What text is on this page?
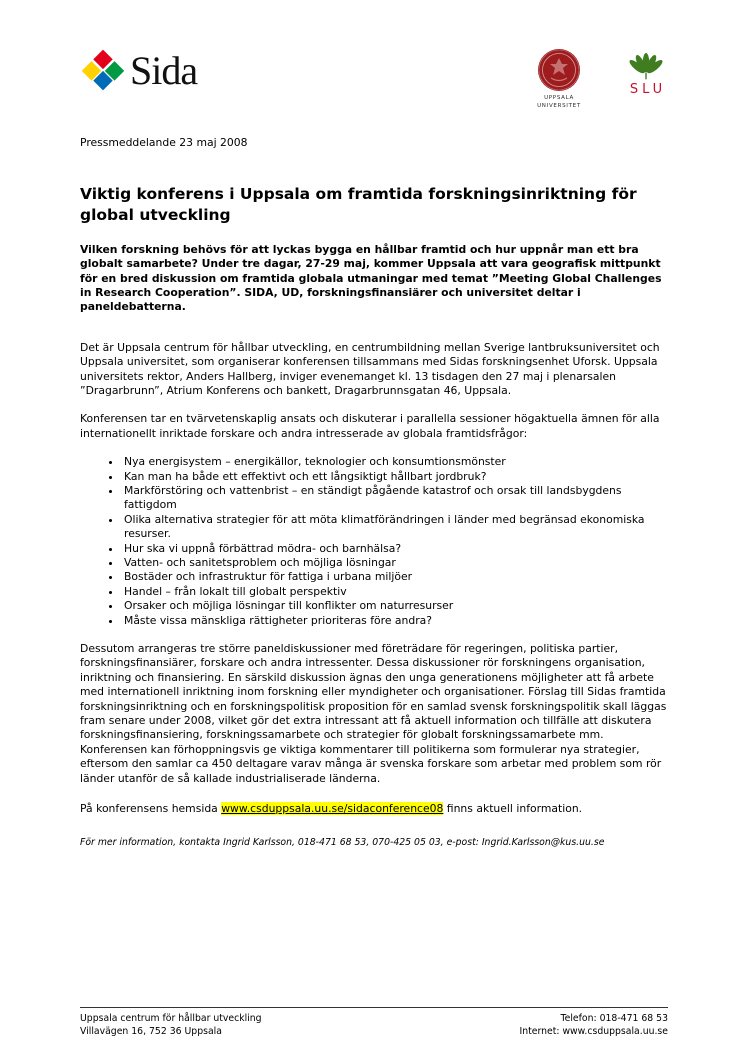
Sida
UPPSALA
UNIVERSITET
SLU

Pressmeddelande 23 maj 2008

Viktig konferens i Uppsala om framtida forskningsinriktning för global utveckling

Vilken forskning behövs för att lyckas bygga en hållbar framtid och hur uppnår man ett bra globalt samarbete? Under tre dagar, 27-29 maj, kommer Uppsala att vara geografisk mittpunkt för en bred diskussion om framtida globala utmaningar med temat ”Meeting Global Challenges in Research Cooperation”. SIDA, UD, forskningsfinansiärer och universitet deltar i paneldebatterna.

Det är Uppsala centrum för hållbar utveckling, en centrumbildning mellan Sverige lantbruksuniversitet och Uppsala universitet, som organiserar konferensen tillsammans med Sidas forskningsenhet Uforsk. Uppsala universitets rektor, Anders Hallberg, inviger evenemanget kl. 13 tisdagen den 27 maj i plenarsalen ”Dragarbrunn”, Atrium Konferens och bankett, Dragarbrunnsgatan 46, Uppsala.

Konferensen tar en tvärvetenskaplig ansats och diskuterar i parallella sessioner högaktuella ämnen för alla internationellt inriktade forskare och andra intresserade av globala framtidsfrågor:

• Nya energisystem – energikällor, teknologier och konsumtionsmönster
• Kan man ha både ett effektivt och ett långsiktigt hållbart jordbruk?
• Markförstöring och vattenbrist – en ständigt pågående katastrof och orsak till landsbygdens fattigdom
• Olika alternativa strategier för att möta klimatförändringen i länder med begränsad ekonomiska resurser.
• Hur ska vi uppnå förbättrad mödra- och barnhälsa?
• Vatten- och sanitetsproblem och möjliga lösningar
• Bostäder och infrastruktur för fattiga i urbana miljöer
• Handel – från lokalt till globalt perspektiv
• Orsaker och möjliga lösningar till konflikter om naturresurser
• Måste vissa mänskliga rättigheter prioriteras före andra?

Dessutom arrangeras tre större paneldiskussioner med företrädare för regeringen, politiska partier, forskningsfinansiärer, forskare och andra intressenter. Dessa diskussioner rör forskningens organisation, inriktning och finansiering. En särskild diskussion ägnas den unga generationens möjligheter att få arbete med internationell inriktning inom forskning eller myndigheter och organisationer. Förslag till Sidas framtida forskningsinriktning och en forskningspolitisk proposition för en samlad svensk forskningspolitik skall läggas fram senare under 2008, vilket gör det extra intressant att få aktuell information och tillfälle att diskutera forskningsfinansiering, forskningssamarbete och strategier för globalt forskningssamarbete mm. Konferensen kan förhoppningsvis ge viktiga kommentarer till politikerna som formulerar nya strategier, eftersom den samlar ca 450 deltagare varav många är svenska forskare som arbetar med problem som rör länder utanför de så kallade industrialiserade länderna.

På konferensens hemsida www.csduppsala.uu.se/sidaconference08 finns aktuell information.

För mer information, kontakta Ingrid Karlsson, 018-471 68 53, 070-425 05 03, e-post: Ingrid.Karlsson@kus.uu.se

Uppsala centrum för hållbar utveckling
Villavägen 16, 752 36 Uppsala
Telefon: 018-471 68 53
Internet: www.csduppsala.uu.se
